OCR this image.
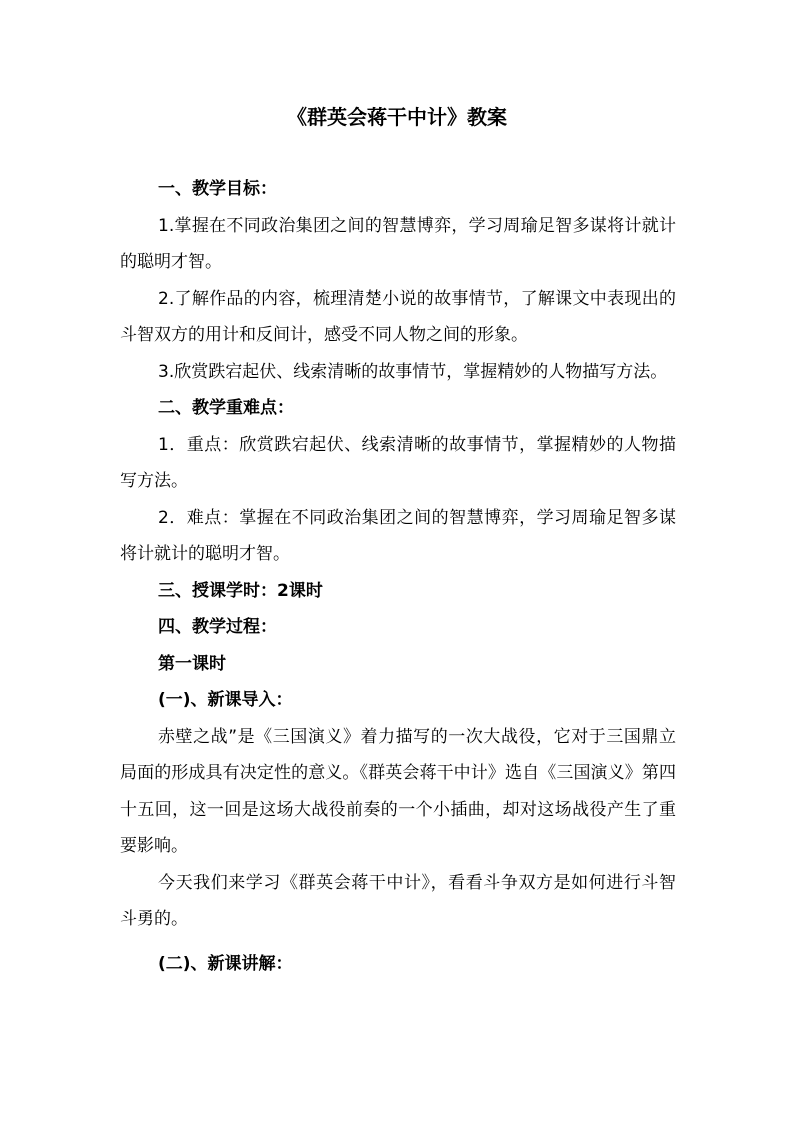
《群英会蒋干中计》教案

一、教学目标：

1.掌握在不同政治集团之间的智慧博弈，学习周瑜足智多谋将计就计的聪明才智。

2.了解作品的内容，梳理清楚小说的故事情节，了解课文中表现出的斗智双方的用计和反间计，感受不同人物之间的形象。

3.欣赏跌宕起伏、线索清晰的故事情节，掌握精妙的人物描写方法。

二、教学重难点：

1．重点：欣赏跌宕起伏、线索清晰的故事情节，掌握精妙的人物描写方法。

2．难点：掌握在不同政治集团之间的智慧博弈，学习周瑜足智多谋将计就计的聪明才智。

三、授课学时：2课时

四、教学过程：

第一课时

(一)、新课导入：

赤壁之战”是《三国演义》着力描写的一次大战役，它对于三国鼎立局面的形成具有决定性的意义。《群英会蒋干中计》选自《三国演义》第四十五回，这一回是这场大战役前奏的一个小插曲，却对这场战役产生了重要影响。

今天我们来学习《群英会蒋干中计》，看看斗争双方是如何进行斗智斗勇的。

(二)、新课讲解：
